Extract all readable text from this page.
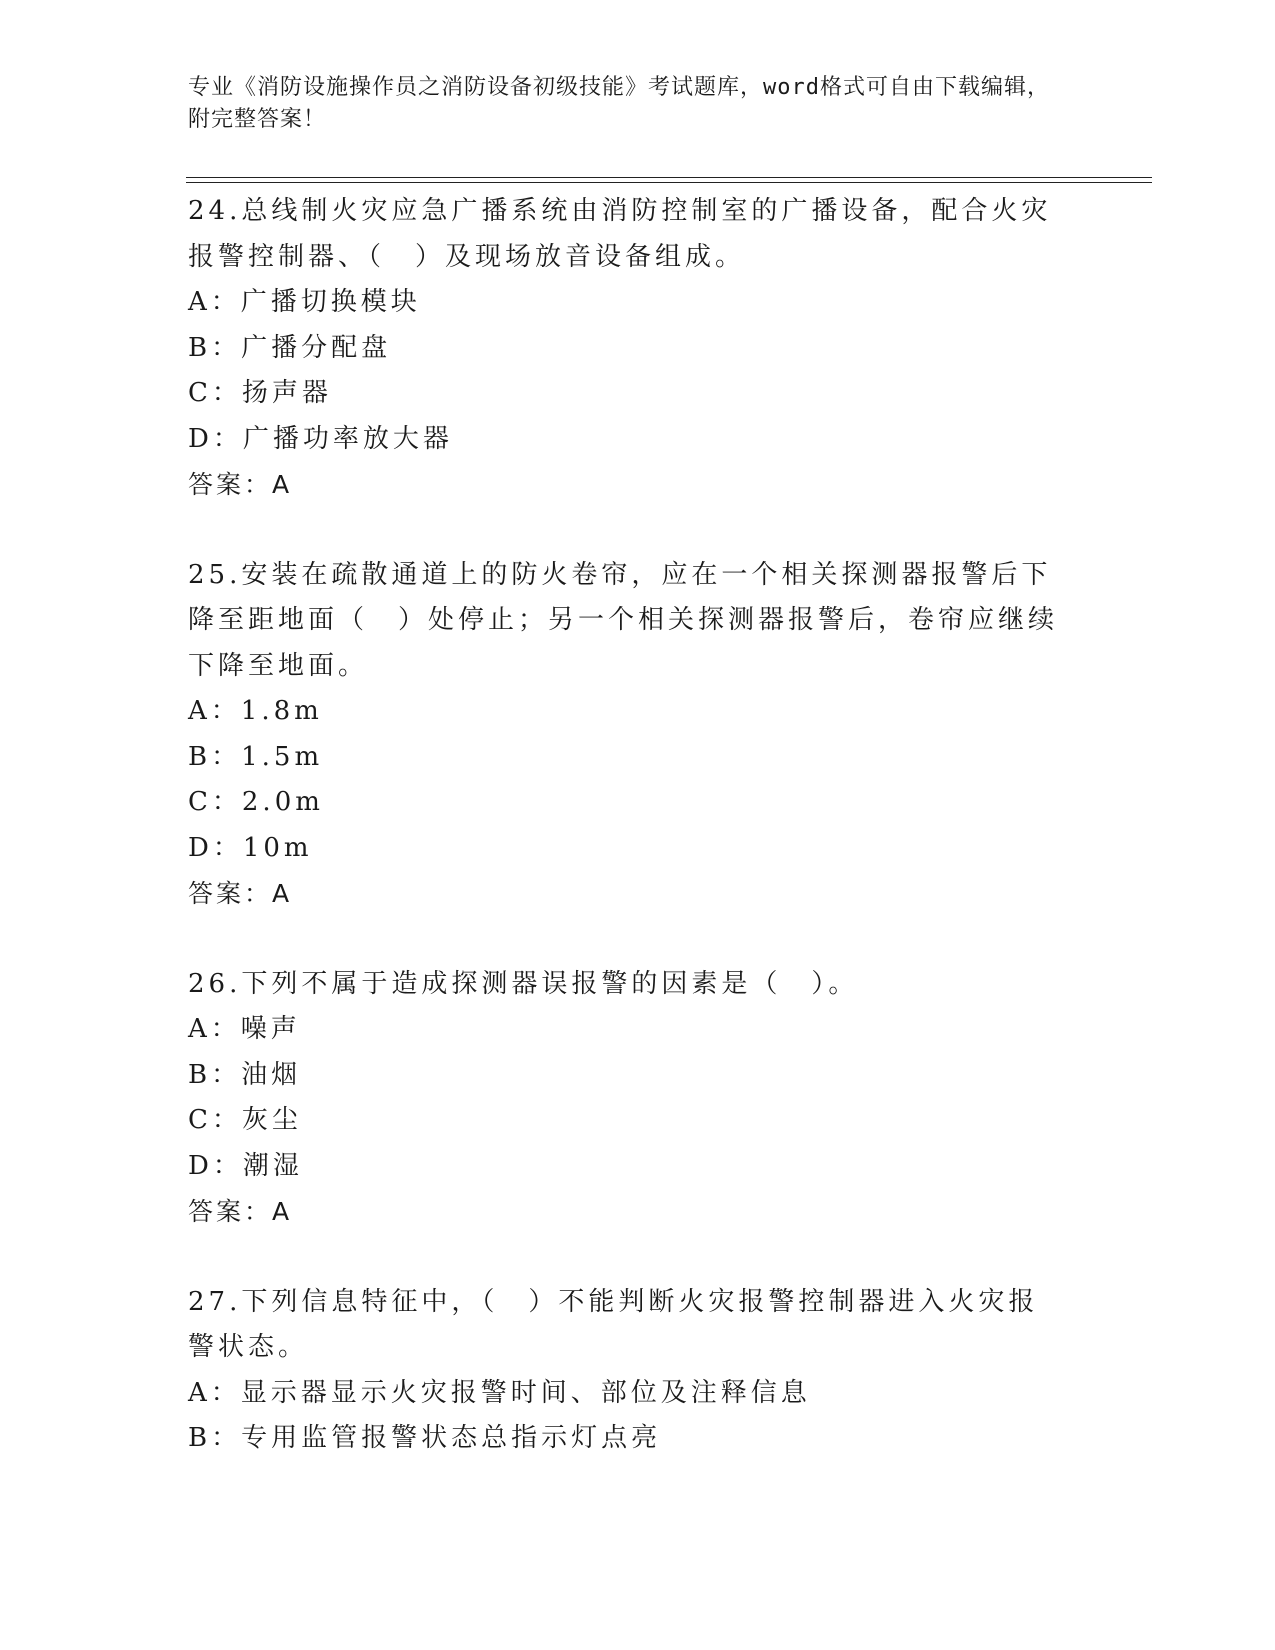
专业《消防设施操作员之消防设备初级技能》考试题库，word格式可自由下载编辑，附完整答案！

24.总线制火灾应急广播系统由消防控制室的广播设备，配合火灾报警控制器、（　）及现场放音设备组成。

A：广播切换模块

B：广播分配盘

C：扬声器

D：广播功率放大器

答案：A

25.安装在疏散通道上的防火卷帘，应在一个相关探测器报警后下降至距地面（　）处停止；另一个相关探测器报警后，卷帘应继续下降至地面。

A：1.8m

B：1.5m

C：2.0m

D：10m

答案：A

26.下列不属于造成探测器误报警的因素是（　）。

A：噪声

B：油烟

C：灰尘

D：潮湿

答案：A

27.下列信息特征中，（　）不能判断火灾报警控制器进入火灾报警状态。

A：显示器显示火灾报警时间、部位及注释信息

B：专用监管报警状态总指示灯点亮
